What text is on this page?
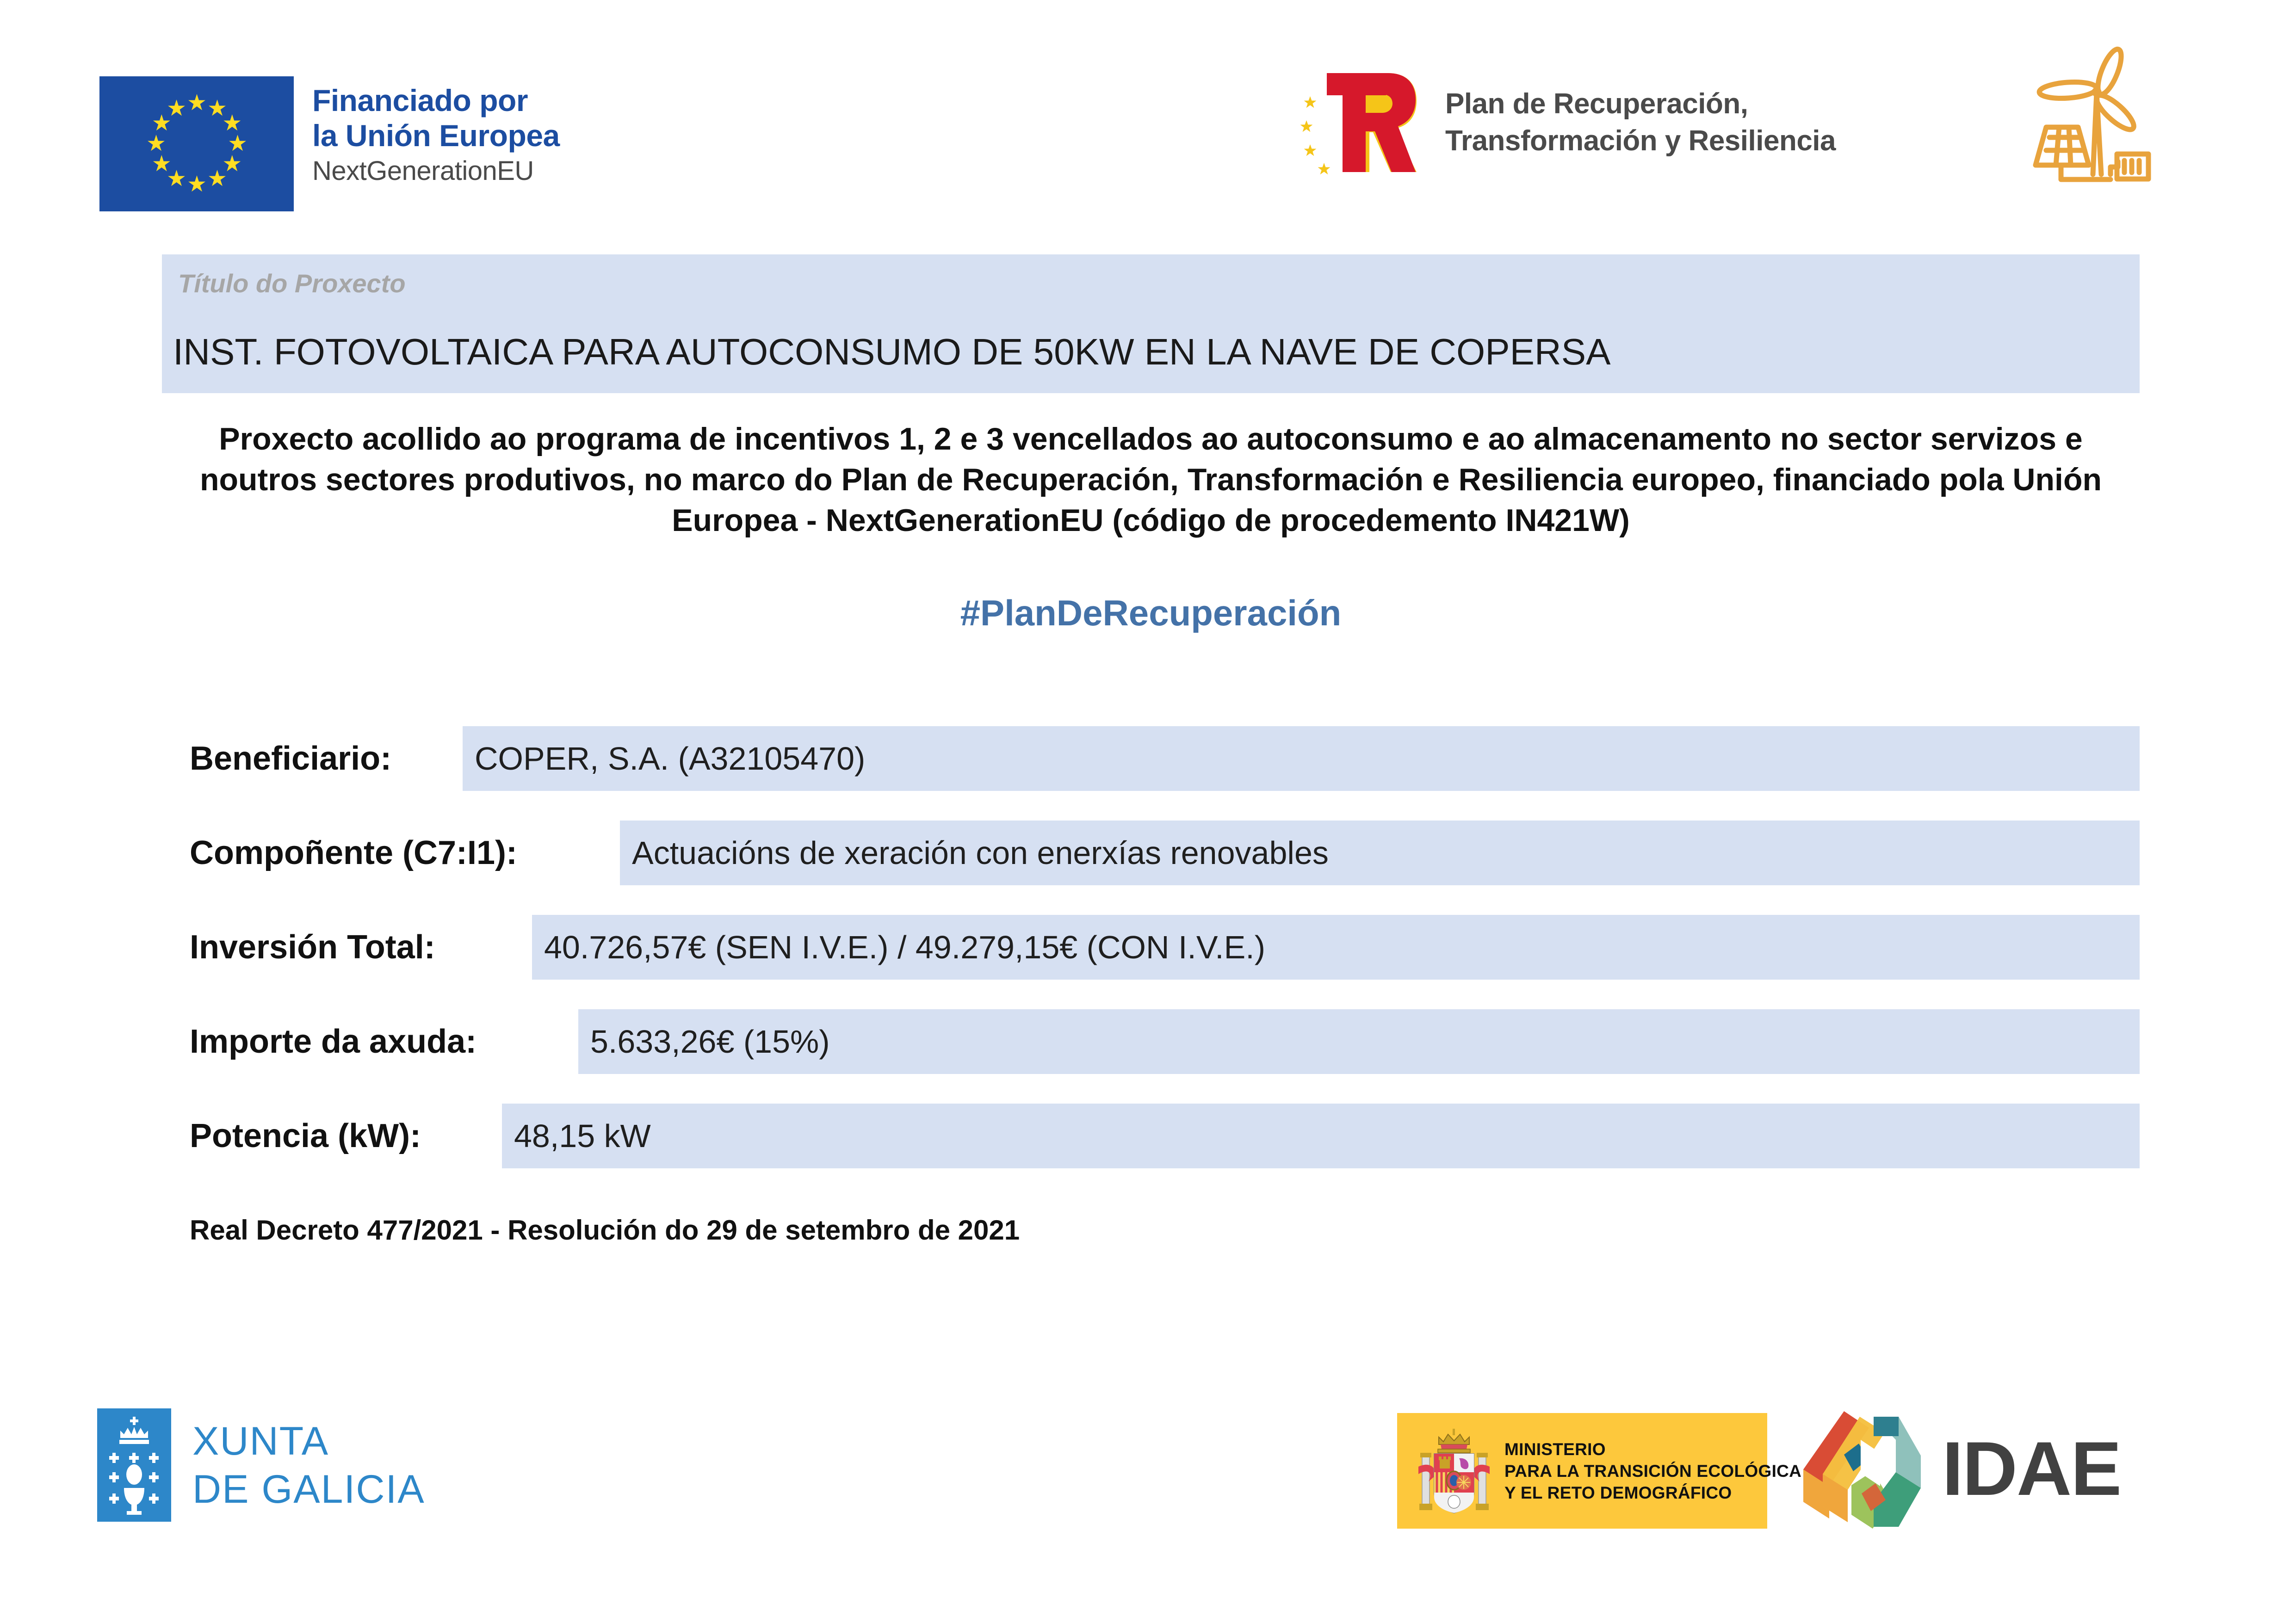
★ ★
★
★
★
★
★
★
★
★
★
★	Financiado por
la Unión Europea
NextGenerationEU
Plan de Recuperación,
Transformación y Resiliencia
Título do Proxecto
INST. FOTOVOLTAICA PARA AUTOCONSUMO DE 50KW EN LA NAVE DE COPERSA
Proxecto acollido ao programa de incentivos 1, 2 e 3 vencellados ao autoconsumo e ao almacenamento no sector servizos e noutros sectores produtivos, no marco do Plan de Recuperación, Transformación e Resiliencia europeo, financiado pola Unión Europea - NextGenerationEU (código de procedemento IN421W)
#PlanDeRecuperación
Beneficiario:	COPER, S.A. (A32105470)
Compoñente (C7:I1):	Actuacións de xeración con enerxías renovables
Inversión Total:	40.726,57€ (SEN I.V.E.) / 49.279,15€ (CON I.V.E.)
Importe da axuda:	5.633,26€ (15%)
Potencia (kW):	48,15 kW
Real Decreto 477/2021 - Resolución do 29 de setembro de 2021
XUNTA
DE GALICIA
MINISTERIO
PARA LA TRANSICIÓN ECOLÓGICA
Y EL RETO DEMOGRÁFICO	IDAE
